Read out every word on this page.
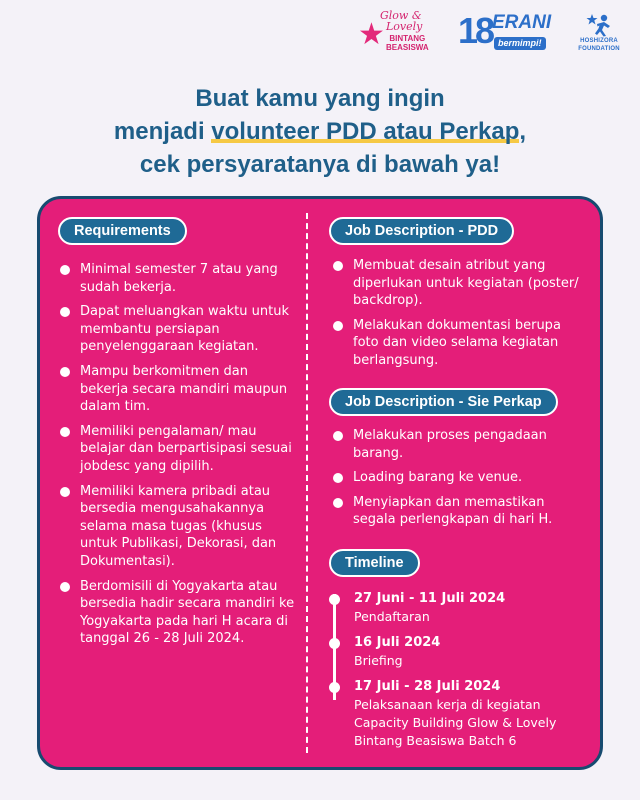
★
Glow &
Lovely
BINTANG
BEASISWA 18 ERANI
bermimpi!	HOSHIZORA
FOUNDATION
Buat kamu yang ingin
menjadi volunteer PDD atau Perkap,
cek persyaratanya di bawah ya!
Requirements
Minimal semester 7 atau yang sudah bekerja.
Dapat meluangkan waktu untuk membantu persiapan penyelenggaraan kegiatan.
Mampu berkomitmen dan bekerja secara mandiri maupun dalam tim.
Memiliki pengalaman/ mau belajar dan berpartisipasi sesuai jobdesc yang dipilih.
Memiliki kamera pribadi atau bersedia mengusahakannya selama masa tugas (khusus untuk Publikasi, Dekorasi, dan Dokumentasi).
Berdomisili di Yogyakarta atau bersedia hadir secara mandiri ke Yogyakarta pada hari H acara di tanggal 26 - 28 Juli 2024.
Job Description - PDD
Membuat desain atribut yang diperlukan untuk kegiatan (poster/ backdrop).
Melakukan dokumentasi berupa foto dan video selama kegiatan berlangsung.
Job Description - Sie Perkap
Melakukan proses pengadaan barang.
Loading barang ke venue.
Menyiapkan dan memastikan segala perlengkapan di hari H.
Timeline
27 Juni - 11 Juli 2024
Pendaftaran
16 Juli 2024
Briefing
17 Juli - 28 Juli 2024
Pelaksanaan kerja di kegiatan Capacity Building Glow & Lovely Bintang Beasiswa Batch 6
